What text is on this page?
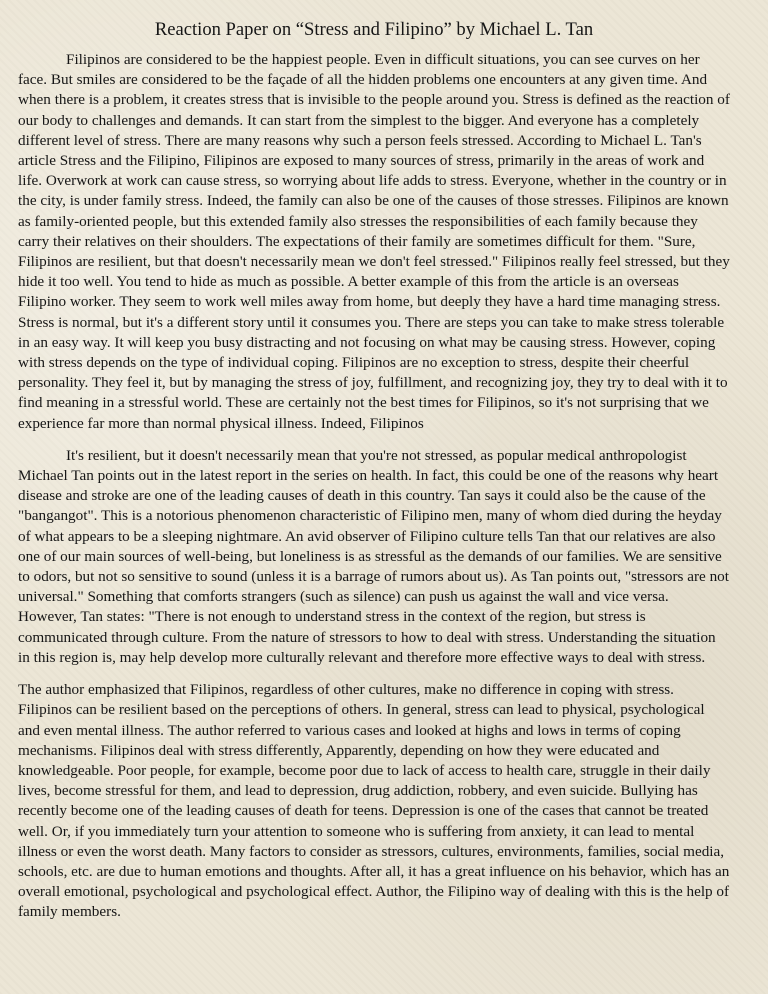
Reaction Paper on “Stress and Filipino” by Michael L. Tan

Filipinos are considered to be the happiest people. Even in difficult situations, you can see curves on her face. But smiles are considered to be the façade of all the hidden problems one encounters at any given time. And when there is a problem, it creates stress that is invisible to the people around you. Stress is defined as the reaction of our body to challenges and demands. It can start from the simplest to the bigger. And everyone has a completely different level of stress. There are many reasons why such a person feels stressed. According to Michael L. Tan's article Stress and the Filipino, Filipinos are exposed to many sources of stress, primarily in the areas of work and life. Overwork at work can cause stress, so worrying about life adds to stress. Everyone, whether in the country or in the city, is under family stress. Indeed, the family can also be one of the causes of those stresses. Filipinos are known as family-oriented people, but this extended family also stresses the responsibilities of each family because they carry their relatives on their shoulders. The expectations of their family are sometimes difficult for them. "Sure, Filipinos are resilient, but that doesn't necessarily mean we don't feel stressed." Filipinos really feel stressed, but they hide it too well. You tend to hide as much as possible. A better example of this from the article is an overseas Filipino worker. They seem to work well miles away from home, but deeply they have a hard time managing stress. Stress is normal, but it's a different story until it consumes you. There are steps you can take to make stress tolerable in an easy way. It will keep you busy distracting and not focusing on what may be causing stress. However, coping with stress depends on the type of individual coping. Filipinos are no exception to stress, despite their cheerful personality. They feel it, but by managing the stress of joy, fulfillment, and recognizing joy, they try to deal with it to find meaning in a stressful world. These are certainly not the best times for Filipinos, so it's not surprising that we experience far more than normal physical illness. Indeed, Filipinos

It's resilient, but it doesn't necessarily mean that you're not stressed, as popular medical anthropologist Michael Tan points out in the latest report in the series on health. In fact, this could be one of the reasons why heart disease and stroke are one of the leading causes of death in this country. Tan says it could also be the cause of the "bangangot". This is a notorious phenomenon characteristic of Filipino men, many of whom died during the heyday of what appears to be a sleeping nightmare. An avid observer of Filipino culture tells Tan that our relatives are also one of our main sources of well-being, but loneliness is as stressful as the demands of our families. We are sensitive to odors, but not so sensitive to sound (unless it is a barrage of rumors about us). As Tan points out, "stressors are not universal." Something that comforts strangers (such as silence) can push us against the wall and vice versa. However, Tan states: "There is not enough to understand stress in the context of the region, but stress is communicated through culture. From the nature of stressors to how to deal with stress. Understanding the situation in this region is, may help develop more culturally relevant and therefore more effective ways to deal with stress.

The author emphasized that Filipinos, regardless of other cultures, make no difference in coping with stress. Filipinos can be resilient based on the perceptions of others. In general, stress can lead to physical, psychological and even mental illness. The author referred to various cases and looked at highs and lows in terms of coping mechanisms. Filipinos deal with stress differently, Apparently, depending on how they were educated and knowledgeable. Poor people, for example, become poor due to lack of access to health care, struggle in their daily lives, become stressful for them, and lead to depression, drug addiction, robbery, and even suicide. Bullying has recently become one of the leading causes of death for teens. Depression is one of the cases that cannot be treated well. Or, if you immediately turn your attention to someone who is suffering from anxiety, it can lead to mental illness or even the worst death. Many factors to consider as stressors, cultures, environments, families, social media, schools, etc. are due to human emotions and thoughts. After all, it has a great influence on his behavior, which has an overall emotional, psychological and psychological effect. Author, the Filipino way of dealing with this is the help of family members.
